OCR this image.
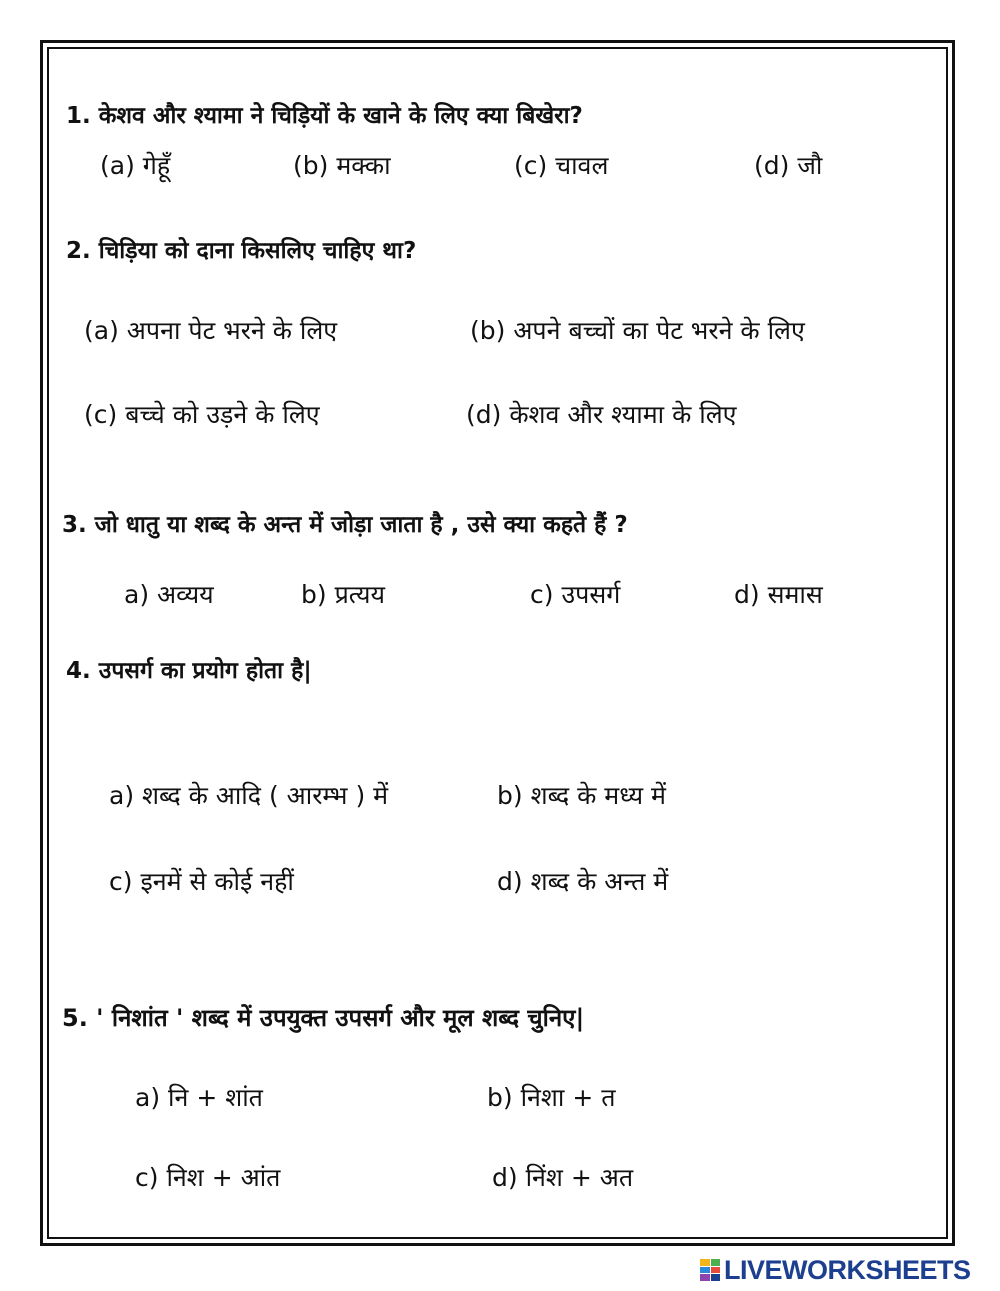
1. केशव और श्यामा ने चिड़ियों के खाने के लिए क्या बिखेरा?
(a) गेहूँ	(b) मक्का	(c) चावल	(d) जौ
2. चिड़िया को दाना किसलिए चाहिए था?
(a) अपना पेट भरने के लिए	(b) अपने बच्चों का पेट भरने के लिए
(c) बच्चे को उड़ने के लिए	(d) केशव और श्यामा के लिए
3. जो धातु या शब्द के अन्त में जोड़ा जाता है , उसे क्या कहते हैं ?
a) अव्यय	b) प्रत्यय	c) उपसर्ग	d) समास
4. उपसर्ग का प्रयोग होता है|
a) शब्द के आदि ( आरम्भ ) में	b) शब्द के मध्य में
c) इनमें से कोई नहीं	d) शब्द के अन्त में
5. ' निशांत ' शब्द में उपयुक्त उपसर्ग और मूल शब्द चुनिए|
a) नि + शांत	b) निशा + त
c) निश + आंत	d) निंश + अत
LIVEWORKSHEETS
